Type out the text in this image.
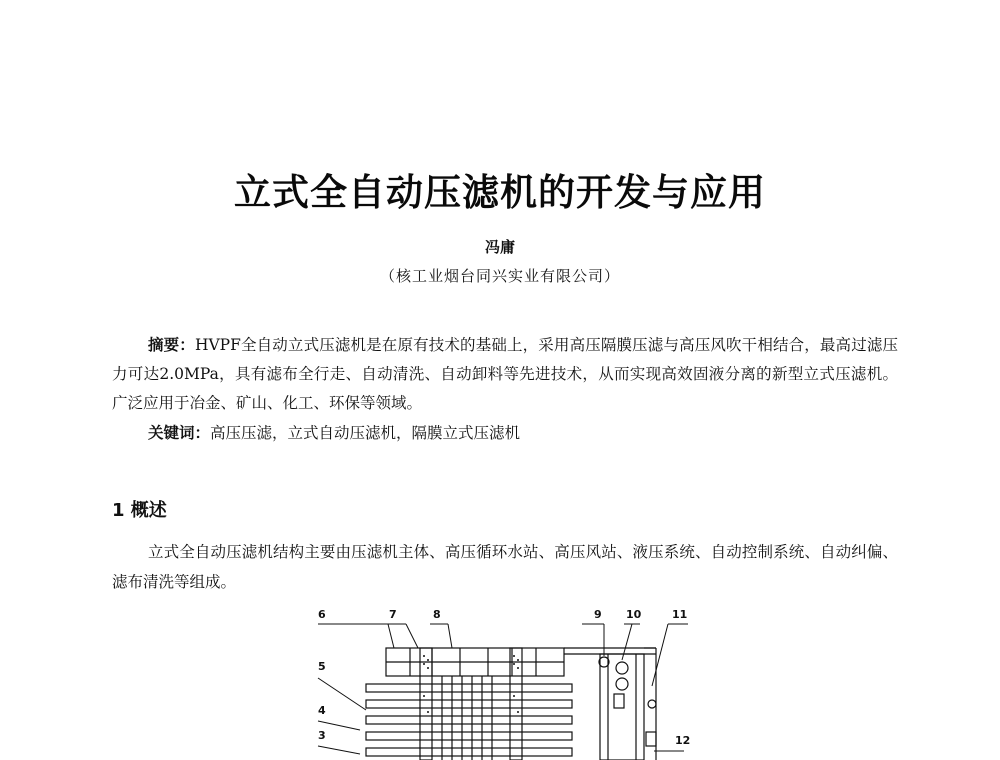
立式全自动压滤机的开发与应用
冯庸
（核工业烟台同兴实业有限公司）

摘要：HVPF全自动立式压滤机是在原有技术的基础上，采用高压隔膜压滤与高压风吹干相结合，最高过滤压力可达2.0MPa，具有滤布全行走、自动清洗、自动卸料等先进技术，从而实现高效固液分离的新型立式压滤机。广泛应用于冶金、矿山、化工、环保等领域。

关键词：高压压滤，立式自动压滤机，隔膜立式压滤机

1 概述

立式全自动压滤机结构主要由压滤机主体、高压循环水站、高压风站、液压系统、自动控制系统、自动纠偏、滤布清洗等组成。

6	7	8	9 10	11
5
4
3	12
